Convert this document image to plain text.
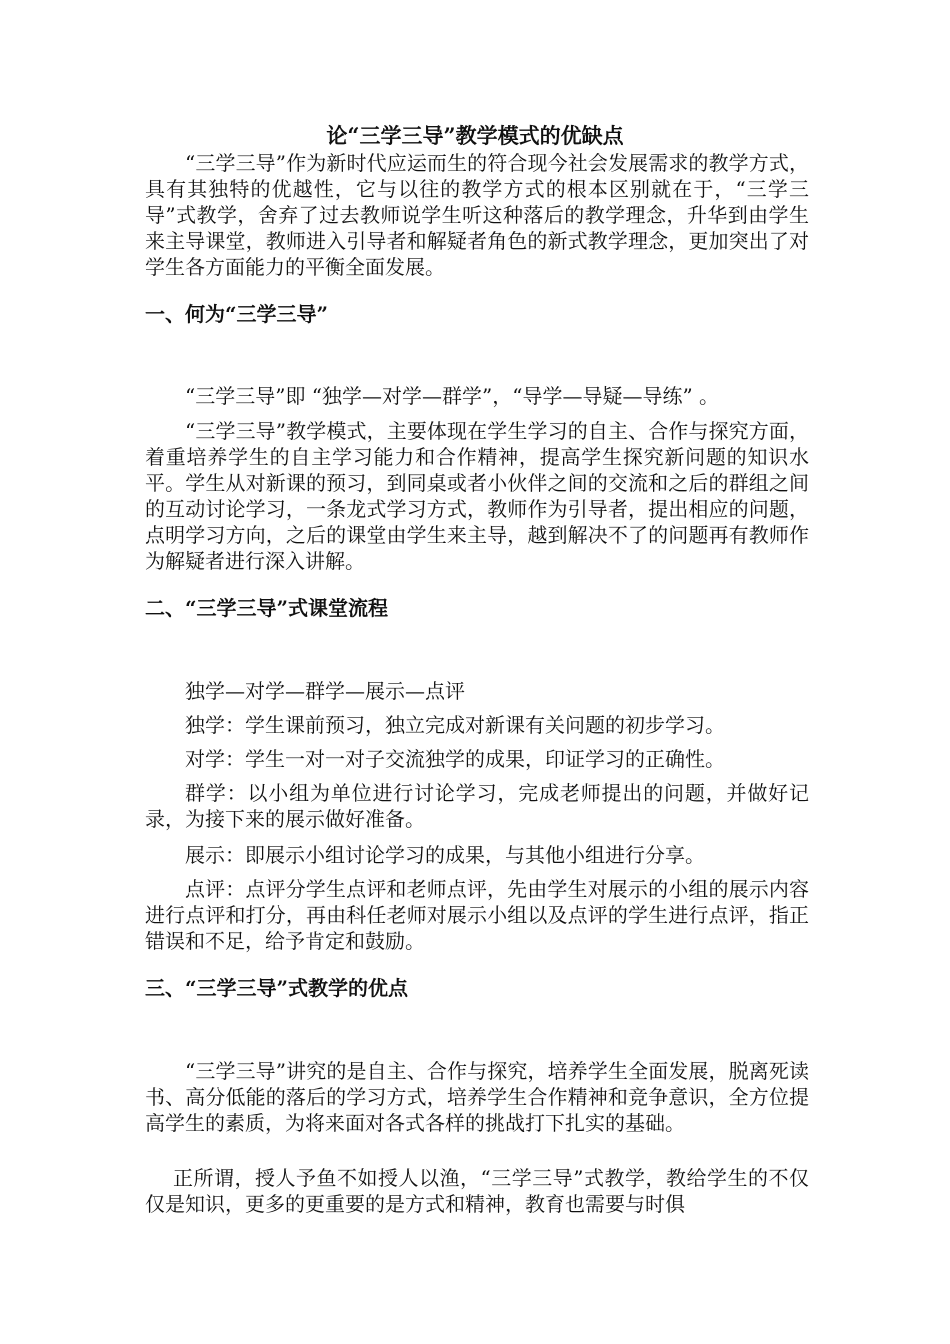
论“三学三导”教学模式的优缺点

“三学三导”作为新时代应运而生的符合现今社会发展需求的教学方式，具有其独特的优越性，它与以往的教学方式的根本区别就在于，“三学三导”式教学，舍弃了过去教师说学生听这种落后的教学理念，升华到由学生来主导课堂，教师进入引导者和解疑者角色的新式教学理念，更加突出了对学生各方面能力的平衡全面发展。

一、何为“三学三导”

“三学三导”即 “独学—对学—群学”，“导学—导疑—导练” 。

“三学三导”教学模式，主要体现在学生学习的自主、合作与探究方面，着重培养学生的自主学习能力和合作精神，提高学生探究新问题的知识水平。学生从对新课的预习，到同桌或者小伙伴之间的交流和之后的群组之间的互动讨论学习，一条龙式学习方式，教师作为引导者，提出相应的问题，点明学习方向，之后的课堂由学生来主导，越到解决不了的问题再有教师作为解疑者进行深入讲解。

二、“三学三导”式课堂流程

独学—对学—群学—展示—点评

独学：学生课前预习，独立完成对新课有关问题的初步学习。

对学：学生一对一对子交流独学的成果，印证学习的正确性。

群学：以小组为单位进行讨论学习，完成老师提出的问题，并做好记录，为接下来的展示做好准备。

展示：即展示小组讨论学习的成果，与其他小组进行分享。

点评：点评分学生点评和老师点评，先由学生对展示的小组的展示内容进行点评和打分，再由科任老师对展示小组以及点评的学生进行点评，指正错误和不足，给予肯定和鼓励。

三、“三学三导”式教学的优点

“三学三导”讲究的是自主、合作与探究，培养学生全面发展，脱离死读书、高分低能的落后的学习方式，培养学生合作精神和竞争意识，全方位提高学生的素质，为将来面对各式各样的挑战打下扎实的基础。

正所谓，授人予鱼不如授人以渔，“三学三导”式教学，教给学生的不仅仅是知识，更多的更重要的是方式和精神，教育也需要与时俱
